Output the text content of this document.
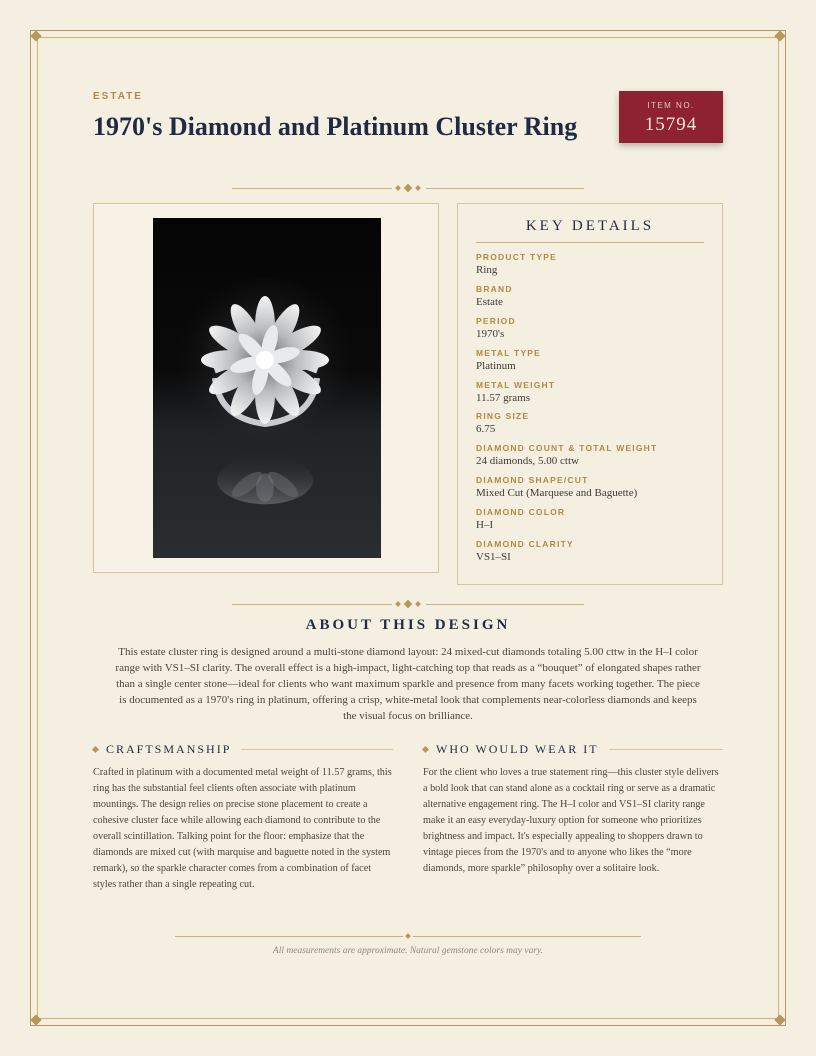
ESTATE
1970's Diamond and Platinum Cluster Ring
ITEM NO.
15794
KEY DETAILS
PRODUCT TYPE
Ring
BRAND
Estate
PERIOD
1970's
METAL TYPE
Platinum
METAL WEIGHT
11.57 grams
RING SIZE
6.75
DIAMOND COUNT & TOTAL WEIGHT
24 diamonds, 5.00 cttw
DIAMOND SHAPE/CUT
Mixed Cut (Marquese and Baguette)
DIAMOND COLOR
H–I
DIAMOND CLARITY
VS1–SI
ABOUT THIS DESIGN

This estate cluster ring is designed around a multi-stone diamond layout: 24 mixed-cut diamonds totaling 5.00 cttw in the H–I color range with VS1–SI clarity. The overall effect is a high-impact, light-catching top that reads as a “bouquet” of elongated shapes rather than a single center stone—ideal for clients who want maximum sparkle and presence from many facets working together. The piece is documented as a 1970's ring in platinum, offering a crisp, white-metal look that complements near-colorless diamonds and keeps the visual focus on brilliance.

CRAFTSMANSHIP

Crafted in platinum with a documented metal weight of 11.57 grams, this ring has the substantial feel clients often associate with platinum mountings. The design relies on precise stone placement to create a cohesive cluster face while allowing each diamond to contribute to the overall scintillation. Talking point for the floor: emphasize that the diamonds are mixed cut (with marquise and baguette noted in the system remark), so the sparkle character comes from a combination of facet styles rather than a single repeating cut.

WHO WOULD WEAR IT

For the client who loves a true statement ring—this cluster style delivers a bold look that can stand alone as a cocktail ring or serve as a dramatic alternative engagement ring. The H–I color and VS1–SI clarity range make it an easy everyday-luxury option for someone who prioritizes brightness and impact. It's especially appealing to shoppers drawn to vintage pieces from the 1970's and to anyone who likes the “more diamonds, more sparkle” philosophy over a solitaire look.

All measurements are approximate. Natural gemstone colors may vary.
